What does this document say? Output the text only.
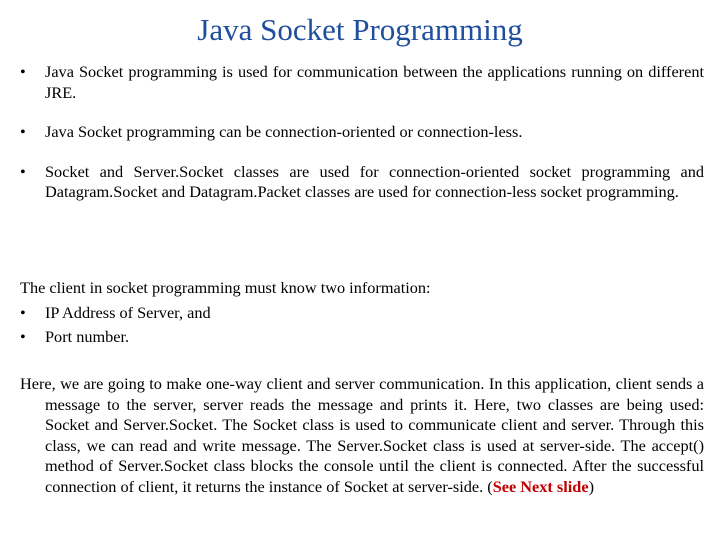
Java Socket Programming
•	Java Socket programming is used for communication between the applications running on different JRE.
•	Java Socket programming can be connection-oriented or connection-less.
•	Socket and Server.Socket classes are used for connection-oriented socket programming and Datagram.Socket and Datagram.Packet classes are used for connection-less socket programming.
The client in socket programming must know two information:
•	IP Address of Server, and
•	Port number.
Here, we are going to make one-way client and server communication. In this application, client sends a message to the server, server reads the message and prints it. Here, two classes are being used: Socket and Server.Socket. The Socket class is used to communicate client and server. Through this class, we can read and write message. The Server.Socket class is used at server-side. The accept() method of Server.Socket class blocks the console until the client is connected. After the successful connection of client, it returns the instance of Socket at server-side. (See Next slide)
